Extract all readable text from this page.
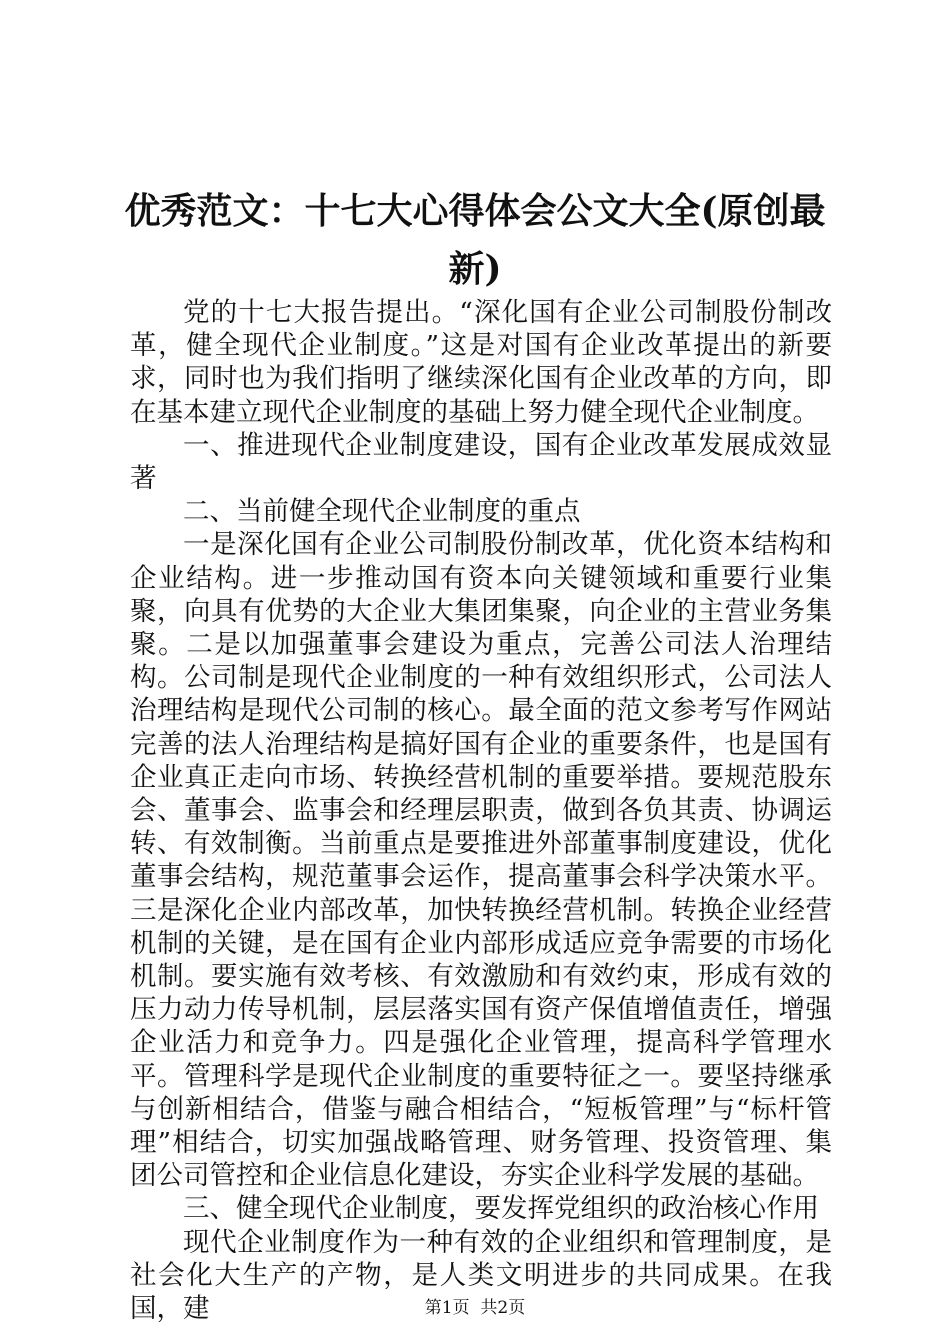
优秀范文：十七大心得体会公文大全(原创最新)

党的十七大报告提出。“深化国有企业公司制股份制改革，健全现代企业制度。”这是对国有企业改革提出的新要求，同时也为我们指明了继续深化国有企业改革的方向，即在基本建立现代企业制度的基础上努力健全现代企业制度。

一、推进现代企业制度建设，国有企业改革发展成效显著

二、当前健全现代企业制度的重点

一是深化国有企业公司制股份制改革，优化资本结构和企业结构。进一步推动国有资本向关键领域和重要行业集聚，向具有优势的大企业大集团集聚，向企业的主营业务集聚。二是以加强董事会建设为重点，完善公司法人治理结构。公司制是现代企业制度的一种有效组织形式，公司法人治理结构是现代公司制的核心。最全面的范文参考写作网站完善的法人治理结构是搞好国有企业的重要条件，也是国有企业真正走向市场、转换经营机制的重要举措。要规范股东会、董事会、监事会和经理层职责，做到各负其责、协调运转、有效制衡。当前重点是要推进外部董事制度建设，优化董事会结构，规范董事会运作，提高董事会科学决策水平。三是深化企业内部改革，加快转换经营机制。转换企业经营机制的关键，是在国有企业内部形成适应竞争需要的市场化机制。要实施有效考核、有效激励和有效约束，形成有效的压力动力传导机制，层层落实国有资产保值增值责任，增强企业活力和竞争力。四是强化企业管理，提高科学管理水平。管理科学是现代企业制度的重要特征之一。要坚持继承与创新相结合，借鉴与融合相结合，“短板管理”与“标杆管理”相结合，切实加强战略管理、财务管理、投资管理、集团公司管控和企业信息化建设，夯实企业科学发展的基础。

三、健全现代企业制度，要发挥党组织的政治核心作用

现代企业制度作为一种有效的企业组织和管理制度，是社会化大生产的产物，是人类文明进步的共同成果。在我国，建	第1页 共2页
